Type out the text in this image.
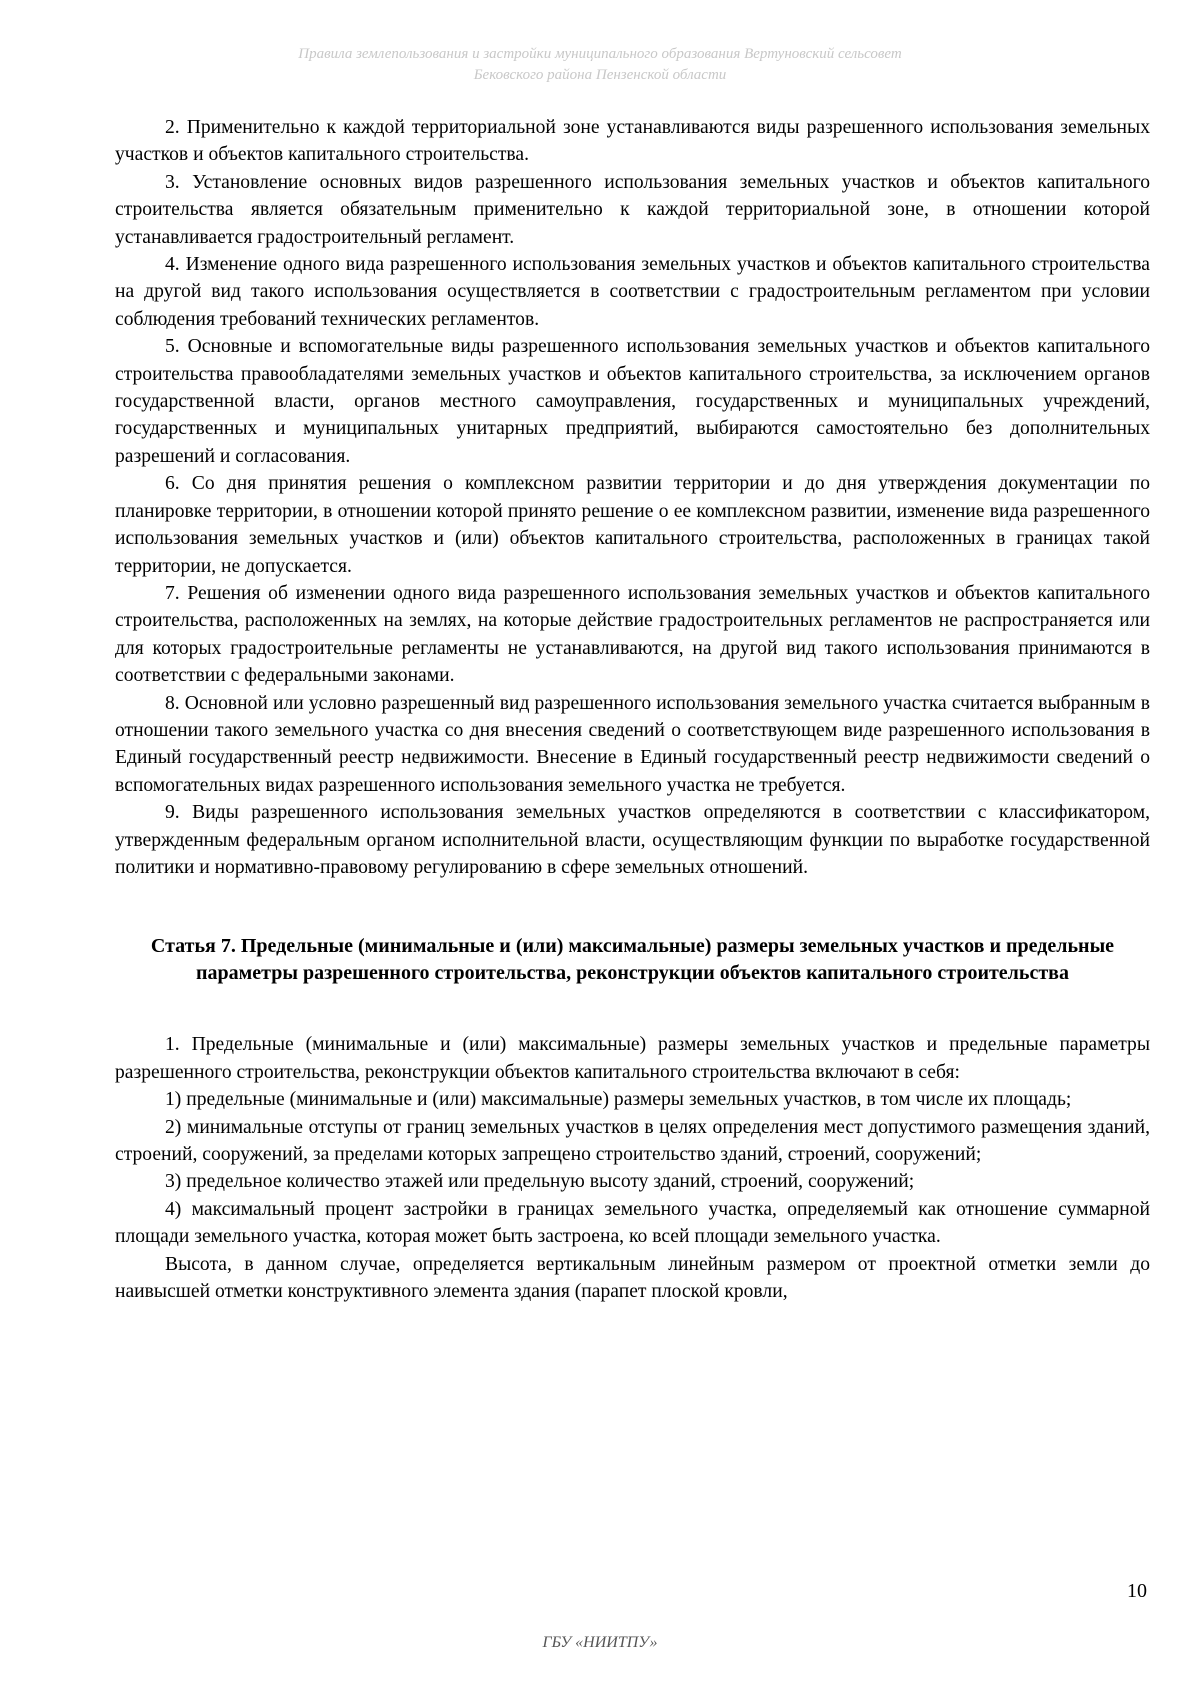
Правила землепользования и застройки муниципального образования Вертуновский сельсовет
Бековского района Пензенской области

2. Применительно к каждой территориальной зоне устанавливаются виды разрешенного использования земельных участков и объектов капитального строительства.

3. Установление основных видов разрешенного использования земельных участков и объектов капитального строительства является обязательным применительно к каждой территориальной зоне, в отношении которой устанавливается градостроительный регламент.

4. Изменение одного вида разрешенного использования земельных участков и объектов капитального строительства на другой вид такого использования осуществляется в соответствии с градостроительным регламентом при условии соблюдения требований технических регламентов.

5. Основные и вспомогательные виды разрешенного использования земельных участков и объектов капитального строительства правообладателями земельных участков и объектов капитального строительства, за исключением органов государственной власти, органов местного самоуправления, государственных и муниципальных учреждений, государственных и муниципальных унитарных предприятий, выбираются самостоятельно без дополнительных разрешений и согласования.

6. Со дня принятия решения о комплексном развитии территории и до дня утверждения документации по планировке территории, в отношении которой принято решение о ее комплексном развитии, изменение вида разрешенного использования земельных участков и (или) объектов капитального строительства, расположенных в границах такой территории, не допускается.

7. Решения об изменении одного вида разрешенного использования земельных участков и объектов капитального строительства, расположенных на землях, на которые действие градостроительных регламентов не распространяется или для которых градостроительные регламенты не устанавливаются, на другой вид такого использования принимаются в соответствии с федеральными законами.

8. Основной или условно разрешенный вид разрешенного использования земельного участка считается выбранным в отношении такого земельного участка со дня внесения сведений о соответствующем виде разрешенного использования в Единый государственный реестр недвижимости. Внесение в Единый государственный реестр недвижимости сведений о вспомогательных видах разрешенного использования земельного участка не требуется.

9. Виды разрешенного использования земельных участков определяются в соответствии с классификатором, утвержденным федеральным органом исполнительной власти, осуществляющим функции по выработке государственной политики и нормативно-правовому регулированию в сфере земельных отношений.

Статья 7. Предельные (минимальные и (или) максимальные) размеры земельных участков и предельные параметры разрешенного строительства, реконструкции объектов капитального строительства

1. Предельные (минимальные и (или) максимальные) размеры земельных участков и предельные параметры разрешенного строительства, реконструкции объектов капитального строительства включают в себя:

1) предельные (минимальные и (или) максимальные) размеры земельных участков, в том числе их площадь;

2) минимальные отступы от границ земельных участков в целях определения мест допустимого размещения зданий, строений, сооружений, за пределами которых запрещено строительство зданий, строений, сооружений;

3) предельное количество этажей или предельную высоту зданий, строений, сооружений;

4) максимальный процент застройки в границах земельного участка, определяемый как отношение суммарной площади земельного участка, которая может быть застроена, ко всей площади земельного участка.

Высота, в данном случае, определяется вертикальным линейным размером от проектной отметки земли до наивысшей отметки конструктивного элемента здания (парапет плоской кровли,

10
ГБУ «НИИТПУ»
